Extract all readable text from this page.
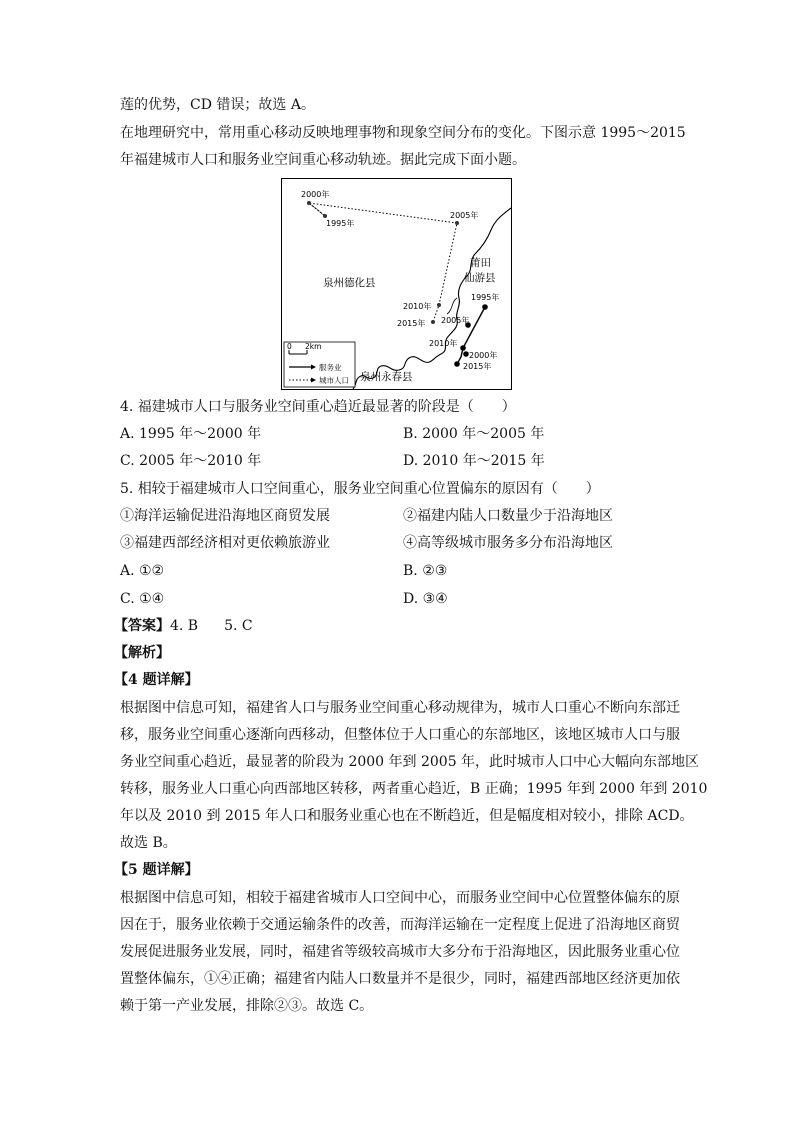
莲的优势，CD 错误；故选 A。
在地理研究中，常用重心移动反映地理事物和现象空间分布的变化。下图示意 1995～2015
年福建城市人口和服务业空间重心移动轨迹。据此完成下面小题。
2000年
1995年
2005年
2010年
2015年
1995年
2005年
2010年
2000年
2015年
泉州德化县
莆田
仙游县
泉州永春县
0 2km
服务业
城市人口
4. 福建城市人口与服务业空间重心趋近最显著的阶段是（　　）
A. 1995 年～2000 年	B. 2000 年～2005 年
C. 2005 年～2010 年	D. 2010 年～2015 年
5. 相较于福建城市人口空间重心，服务业空间重心位置偏东的原因有（　　）
①海洋运输促进沿海地区商贸发展	②福建内陆人口数量少于沿海地区
③福建西部经济相对更依赖旅游业	④高等级城市服务多分布沿海地区
A. ①②	B. ②③
C. ①④	D. ③④
【答案】4. B 5. C
【解析】
【4 题详解】
根据图中信息可知，福建省人口与服务业空间重心移动规律为，城市人口重心不断向东部迁
移，服务业空间重心逐渐向西移动，但整体位于人口重心的东部地区，该地区城市人口与服
务业空间重心趋近，最显著的阶段为 2000 年到 2005 年，此时城市人口中心大幅向东部地区
转移，服务业人口重心向西部地区转移，两者重心趋近，B 正确；1995 年到 2000 年到 2010
年以及 2010 到 2015 年人口和服务业重心也在不断趋近，但是幅度相对较小，排除 ACD。
故选 B。
【5 题详解】
根据图中信息可知，相较于福建省城市人口空间中心，而服务业空间中心位置整体偏东的原
因在于，服务业依赖于交通运输条件的改善，而海洋运输在一定程度上促进了沿海地区商贸
发展促进服务业发展，同时，福建省等级较高城市大多分布于沿海地区，因此服务业重心位
置整体偏东，①④正确；福建省内陆人口数量并不是很少，同时，福建西部地区经济更加依
赖于第一产业发展，排除②③。故选 C。
